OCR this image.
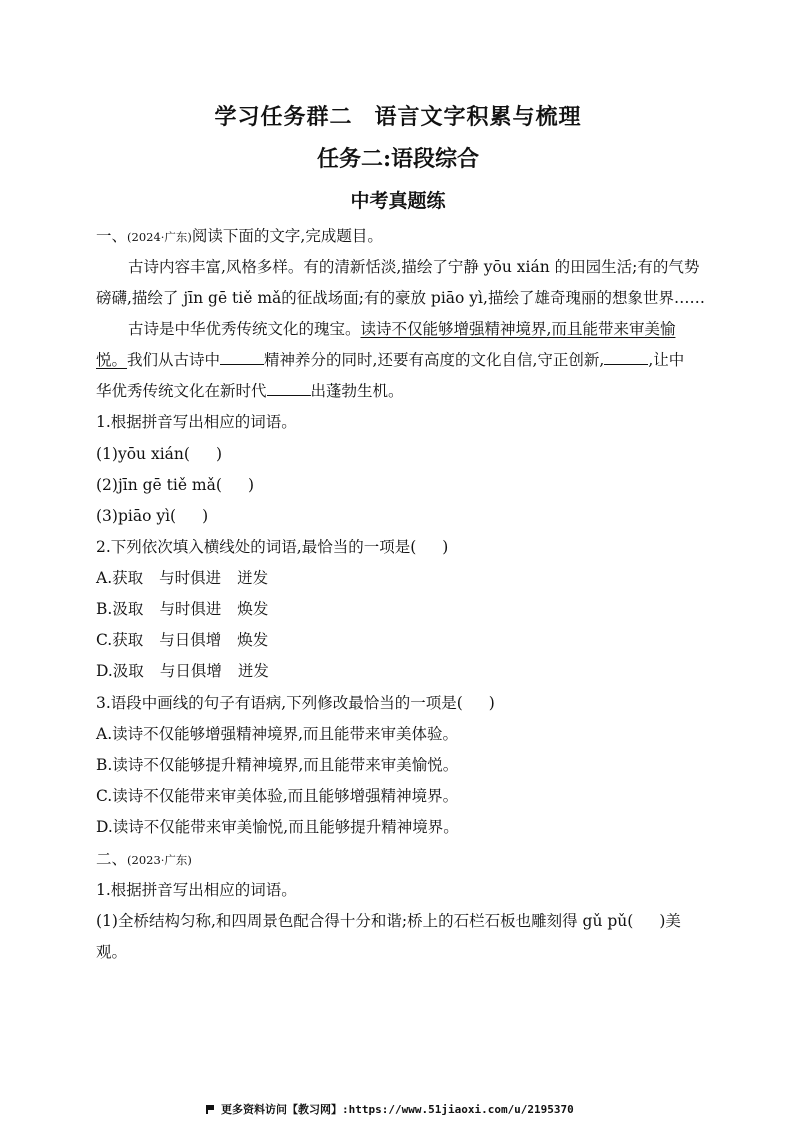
学习任务群二 语言文字积累与梳理
任务二:语段综合
中考真题练
一、(2024·广东)阅读下面的文字,完成题目。
古诗内容丰富,风格多样。有的清新恬淡,描绘了宁静 yōu xián 的田园生活;有的气势
磅礴,描绘了 jīn gē tiě mǎ的征战场面;有的豪放 piāo yì,描绘了雄奇瑰丽的想象世界……
古诗是中华优秀传统文化的瑰宝。读诗不仅能够增强精神境界,而且能带来审美愉
悦。我们从古诗中	精神养分的同时,还要有高度的文化自信,守正创新,	,让中
华优秀传统文化在新时代	出蓬勃生机。
1.根据拼音写出相应的词语。
(1)yōu xián( )
(2)jīn gē tiě mǎ( )
(3)piāo yì( )
2.下列依次填入横线处的词语,最恰当的一项是( )
A.获取 与时俱进 迸发
B.汲取 与时俱进 焕发
C.获取 与日俱增 焕发
D.汲取 与日俱增 迸发
3.语段中画线的句子有语病,下列修改最恰当的一项是( )
A.读诗不仅能够增强精神境界,而且能带来审美体验。
B.读诗不仅能够提升精神境界,而且能带来审美愉悦。
C.读诗不仅能带来审美体验,而且能够增强精神境界。
D.读诗不仅能带来审美愉悦,而且能够提升精神境界。
二、(2023·广东)
1.根据拼音写出相应的词语。
(1)全桥结构匀称,和四周景色配合得十分和谐;桥上的石栏石板也雕刻得 gǔ pǔ( )美
观。
更多资料访问【教习网】:https://www.51jiaoxi.com/u/2195370
